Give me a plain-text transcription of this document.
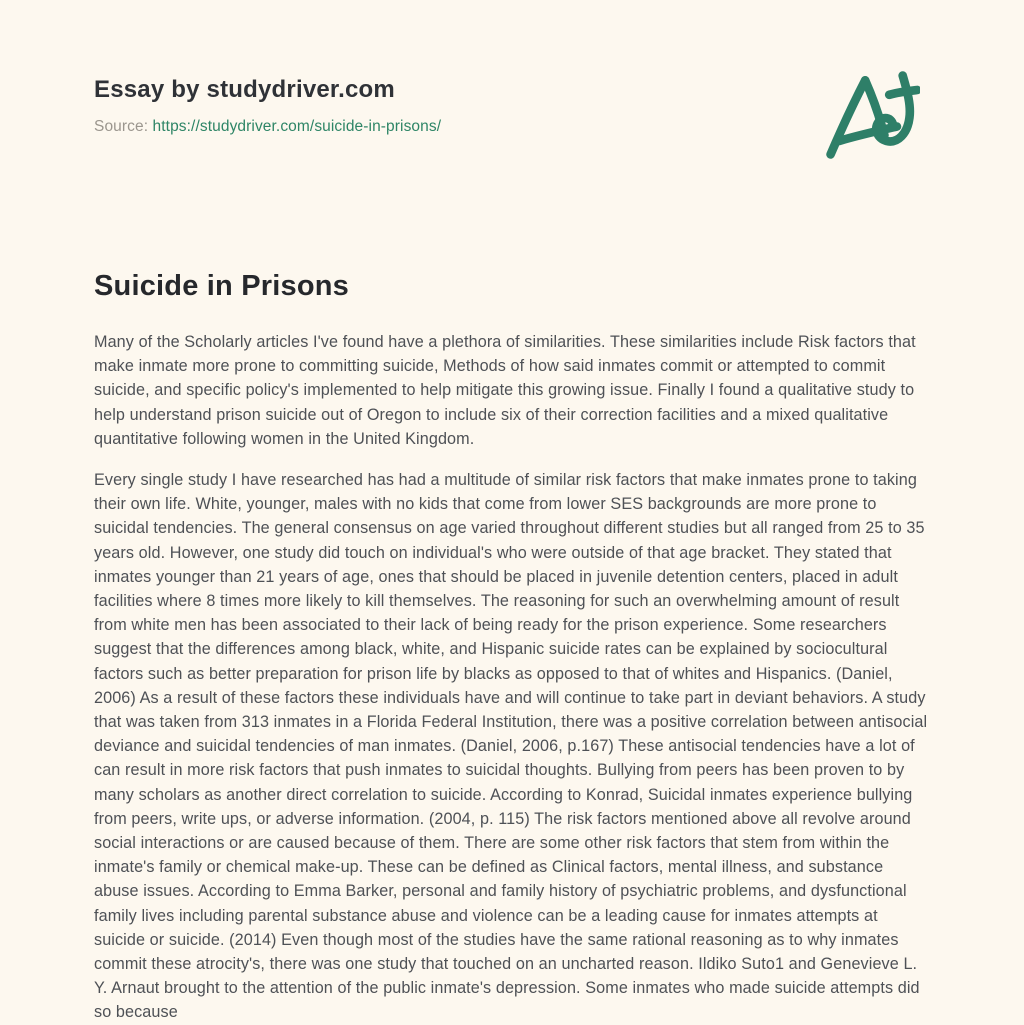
Essay by studydriver.com

Source: https://studydriver.com/suicide-in-prisons/

Suicide in Prisons

Many of the Scholarly articles I've found have a plethora of similarities. These similarities include Risk factors that make inmate more prone to committing suicide, Methods of how said inmates commit or attempted to commit suicide, and specific policy's implemented to help mitigate this growing issue. Finally I found a qualitative study to help understand prison suicide out of Oregon to include six of their correction facilities and a mixed qualitative quantitative following women in the United Kingdom.

Every single study I have researched has had a multitude of similar risk factors that make inmates prone to taking their own life. White, younger, males with no kids that come from lower SES backgrounds are more prone to suicidal tendencies. The general consensus on age varied throughout different studies but all ranged from 25 to 35 years old. However, one study did touch on individual's who were outside of that age bracket. They stated that inmates younger than 21 years of age, ones that should be placed in juvenile detention centers, placed in adult facilities where 8 times more likely to kill themselves. The reasoning for such an overwhelming amount of result from white men has been associated to their lack of being ready for the prison experience. Some researchers suggest that the differences among black, white, and Hispanic suicide rates can be explained by sociocultural factors such as better preparation for prison life by blacks as opposed to that of whites and Hispanics. (Daniel, 2006) As a result of these factors these individuals have and will continue to take part in deviant behaviors. A study that was taken from 313 inmates in a Florida Federal Institution, there was a positive correlation between antisocial deviance and suicidal tendencies of man inmates. (Daniel, 2006, p.167) These antisocial tendencies have a lot of can result in more risk factors that push inmates to suicidal thoughts. Bullying from peers has been proven to by many scholars as another direct correlation to suicide. According to Konrad, Suicidal inmates experience bullying from peers, write ups, or adverse information. (2004, p. 115) The risk factors mentioned above all revolve around social interactions or are caused because of them. There are some other risk factors that stem from within the inmate's family or chemical make-up. These can be defined as Clinical factors, mental illness, and substance abuse issues. According to Emma Barker, personal and family history of psychiatric problems, and dysfunctional family lives including parental substance abuse and violence can be a leading cause for inmates attempts at suicide or suicide. (2014) Even though most of the studies have the same rational reasoning as to why inmates commit these atrocity's, there was one study that touched on an uncharted reason. Ildiko Suto1 and Genevieve L. Y. Arnaut brought to the attention of the public inmate's depression. Some inmates who made suicide attempts did so because
